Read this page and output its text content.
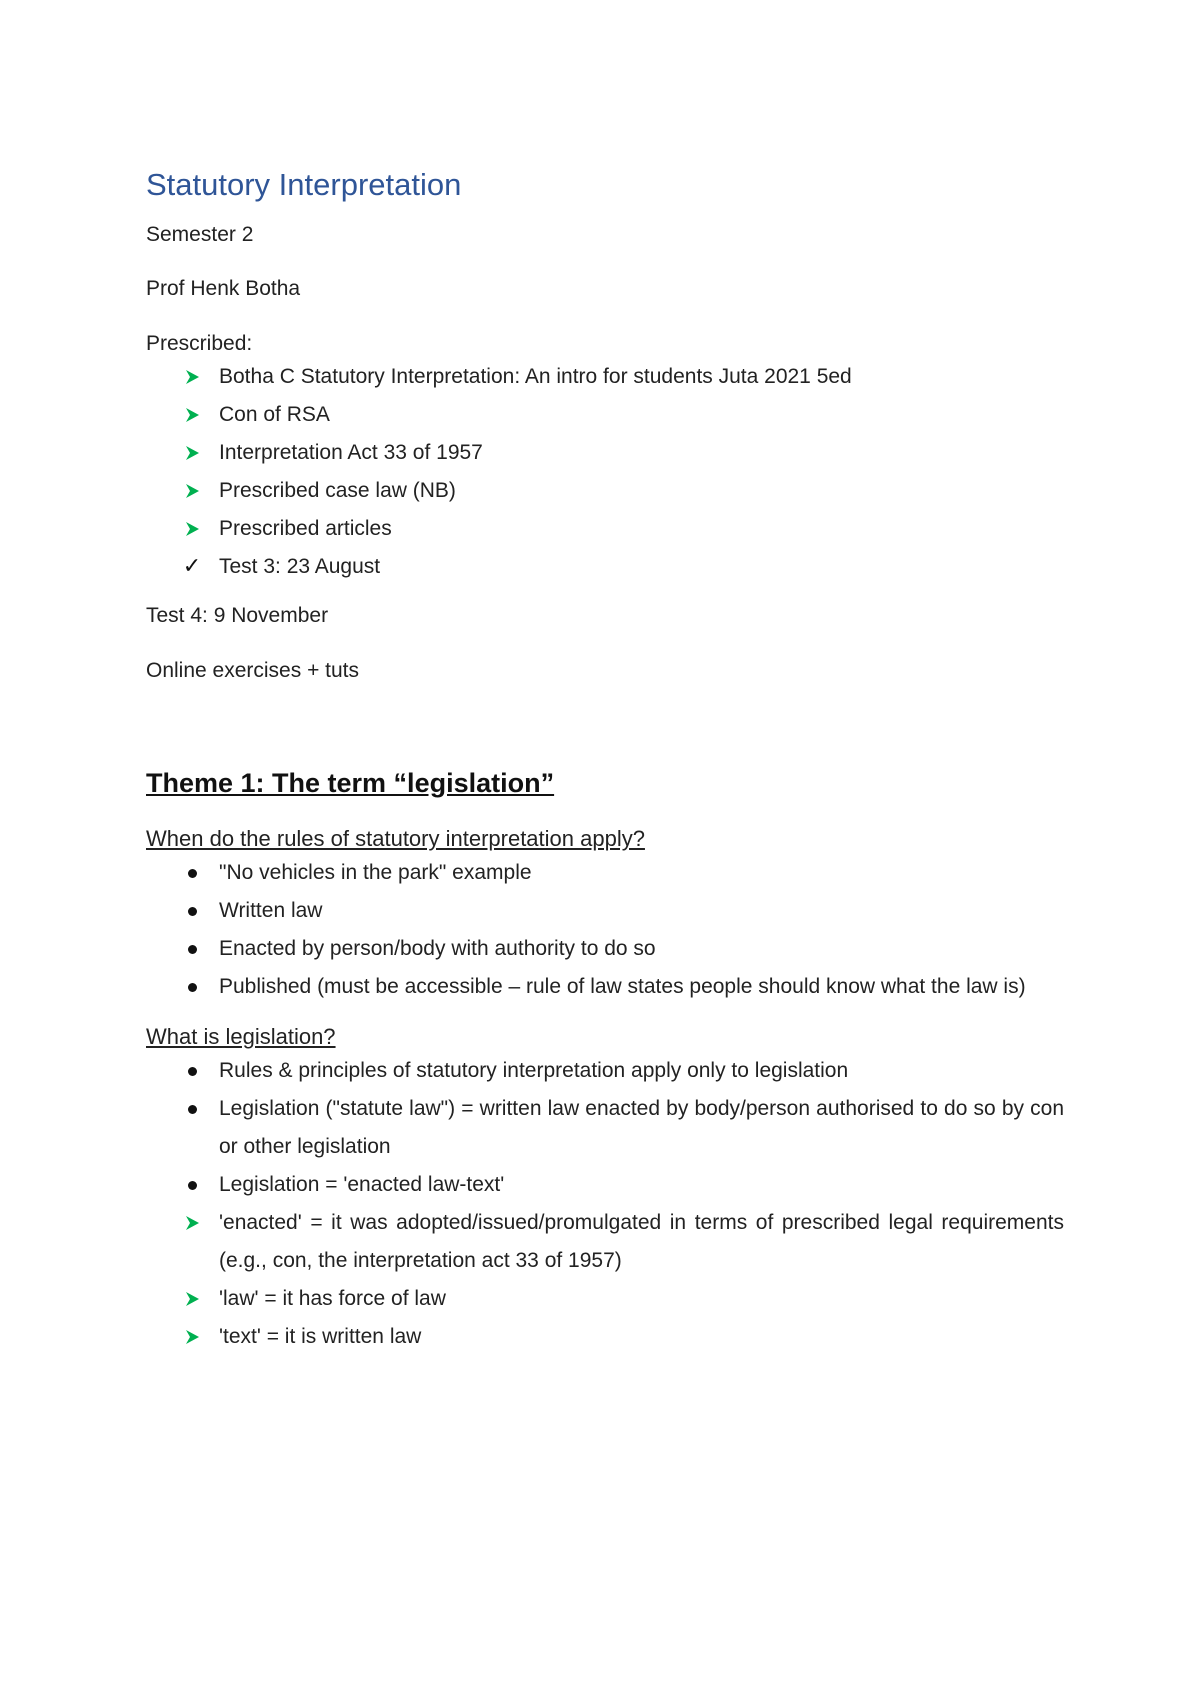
Statutory Interpretation

Semester 2

Prof Henk Botha

Prescribed:

Botha C Statutory Interpretation: An intro for students Juta 2021 5ed
Con of RSA
Interpretation Act 33 of 1957
Prescribed case law (NB)
Prescribed articles
✓ Test 3: 23 August

Test 4: 9 November

Online exercises + tuts

Theme 1: The term “legislation”
When do the rules of statutory interpretation apply?
"No vehicles in the park" example
Written law
Enacted by person/body with authority to do so
Published (must be accessible – rule of law states people should know what the law is)
What is legislation?
Rules & principles of statutory interpretation apply only to legislation
Legislation ("statute law") = written law enacted by body/person authorised to do so by con or other legislation
Legislation = 'enacted law-text'
'enacted' = it was adopted/issued/promulgated in terms of prescribed legal requirements (e.g., con, the interpretation act 33 of 1957)
'law' = it has force of law
'text' = it is written law
